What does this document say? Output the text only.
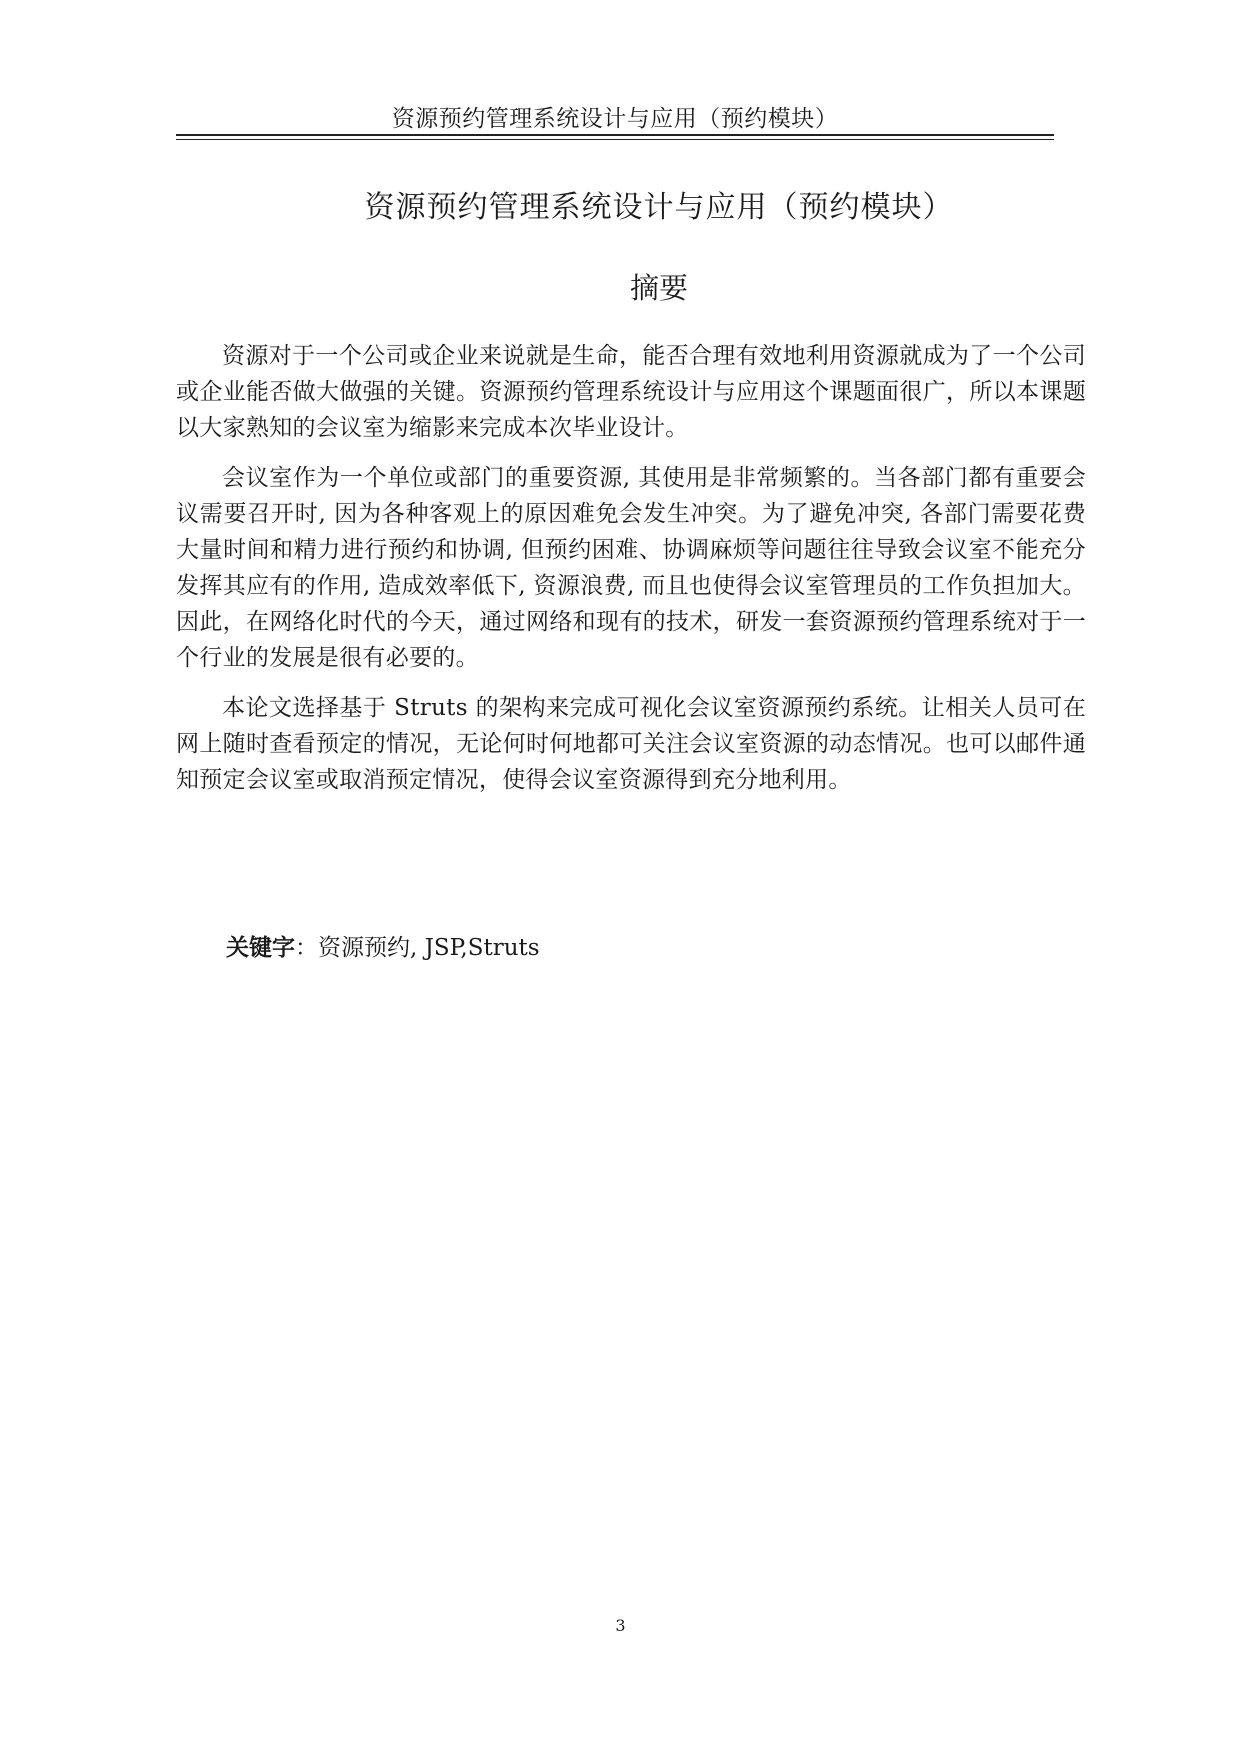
资源预约管理系统设计与应用（预约模块）
资源预约管理系统设计与应用（预约模块）
摘要

资源对于一个公司或企业来说就是生命，能否合理有效地利用资源就成为了一个公司或企业能否做大做强的关键。资源预约管理系统设计与应用这个课题面很广，所以本课题以大家熟知的会议室为缩影来完成本次毕业设计。

会议室作为一个单位或部门的重要资源, 其使用是非常频繁的。当各部门都有重要会议需要召开时, 因为各种客观上的原因难免会发生冲突。为了避免冲突, 各部门需要花费大量时间和精力进行预约和协调, 但预约困难、协调麻烦等问题往往导致会议室不能充分发挥其应有的作用, 造成效率低下, 资源浪费, 而且也使得会议室管理员的工作负担加大。因此，在网络化时代的今天，通过网络和现有的技术，研发一套资源预约管理系统对于一个行业的发展是很有必要的。

本论文选择基于 Struts 的架构来完成可视化会议室资源预约系统。让相关人员可在网上随时查看预定的情况，无论何时何地都可关注会议室资源的动态情况。也可以邮件通知预定会议室或取消预定情况，使得会议室资源得到充分地利用。

关键字：资源预约, JSP,Struts
3
